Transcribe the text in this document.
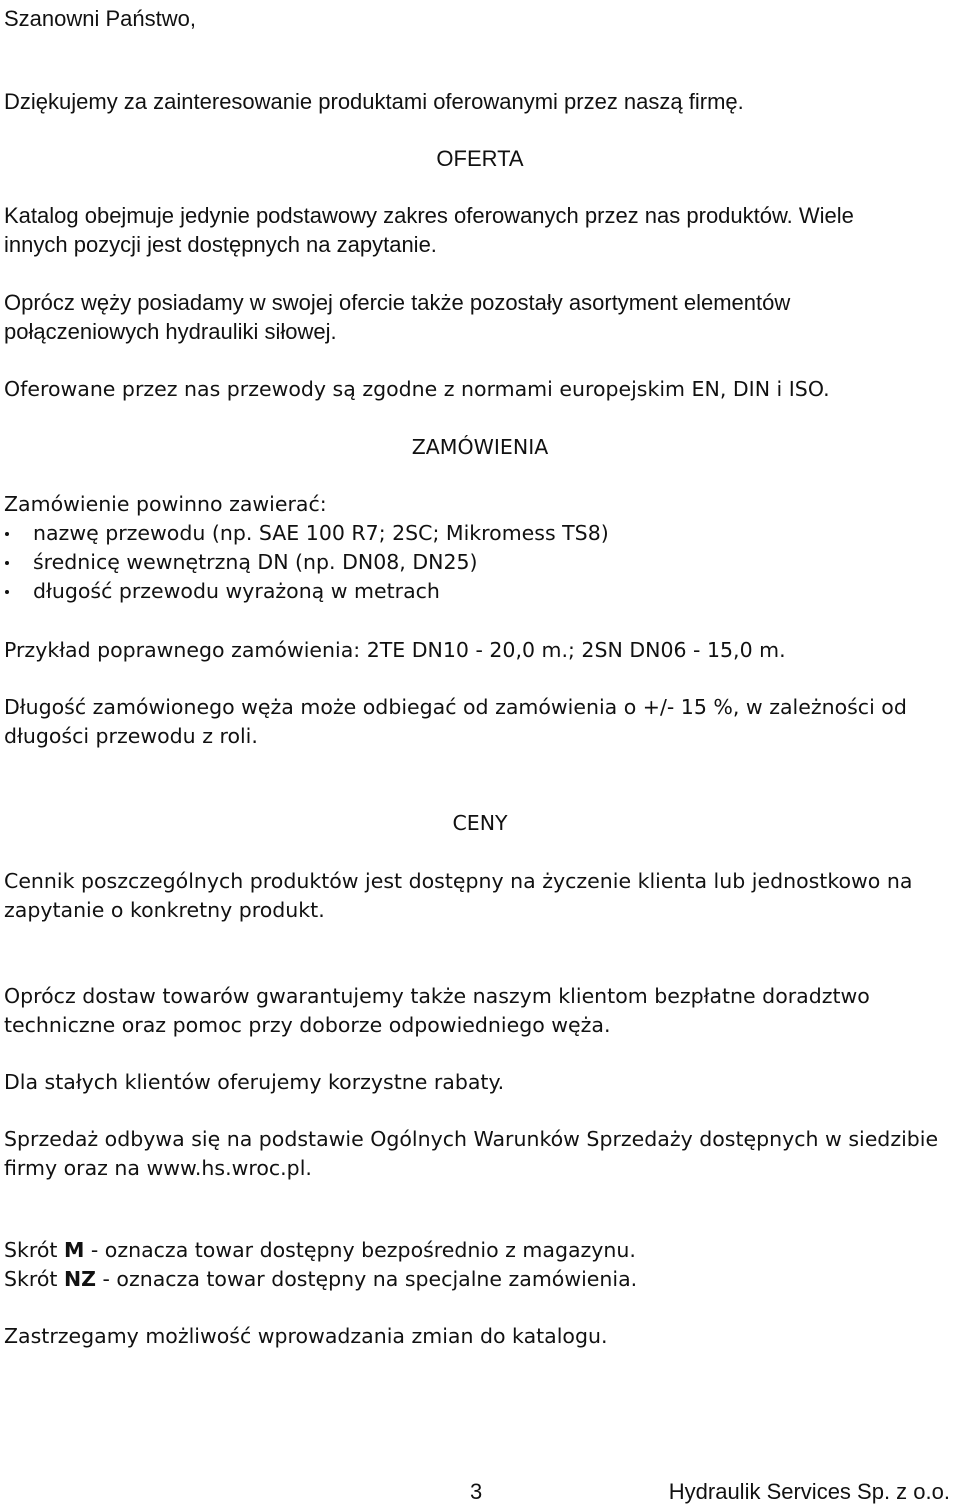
Szanowni Państwo,

Dziękujemy za zainteresowanie produktami oferowanymi przez naszą firmę.

OFERTA

Katalog obejmuje jedynie podstawowy zakres oferowanych przez nas produktów. Wiele

innych pozycji jest dostępnych na zapytanie.

Oprócz węży posiadamy w swojej ofercie także pozostały asortyment elementów

połączeniowych hydrauliki siłowej.

Oferowane przez nas przewody są zgodne z normami europejskim EN, DIN i ISO.

ZAMÓWIENIA

Zamówienie powinno zawierać:

nazwę przewodu (np. SAE 100 R7; 2SC; Mikromess TS8)
średnicę wewnętrzną DN (np. DN08, DN25)
długość przewodu wyrażoną w metrach

Przykład poprawnego zamówienia: 2TE DN10 - 20,0 m.; 2SN DN06 - 15,0 m.

Długość zamówionego węża może odbiegać od zamówienia o +/- 15 %, w zależności od

długości przewodu z roli.

CENY

Cennik poszczególnych produktów jest dostępny na życzenie klienta lub jednostkowo na

zapytanie o konkretny produkt.

Oprócz dostaw towarów gwarantujemy także naszym klientom bezpłatne doradztwo

techniczne oraz pomoc przy doborze odpowiedniego węża.

Dla stałych klientów oferujemy korzystne rabaty.

Sprzedaż odbywa się na podstawie Ogólnych Warunków Sprzedaży dostępnych w siedzibie

firmy oraz na www.hs.wroc.pl.

Skrót M - oznacza towar dostępny bezpośrednio z magazynu.

Skrót NZ - oznacza towar dostępny na specjalne zamówienia.

Zastrzegamy możliwość wprowadzania zmian do katalogu.

3	Hydraulik Services Sp. z o.o.
